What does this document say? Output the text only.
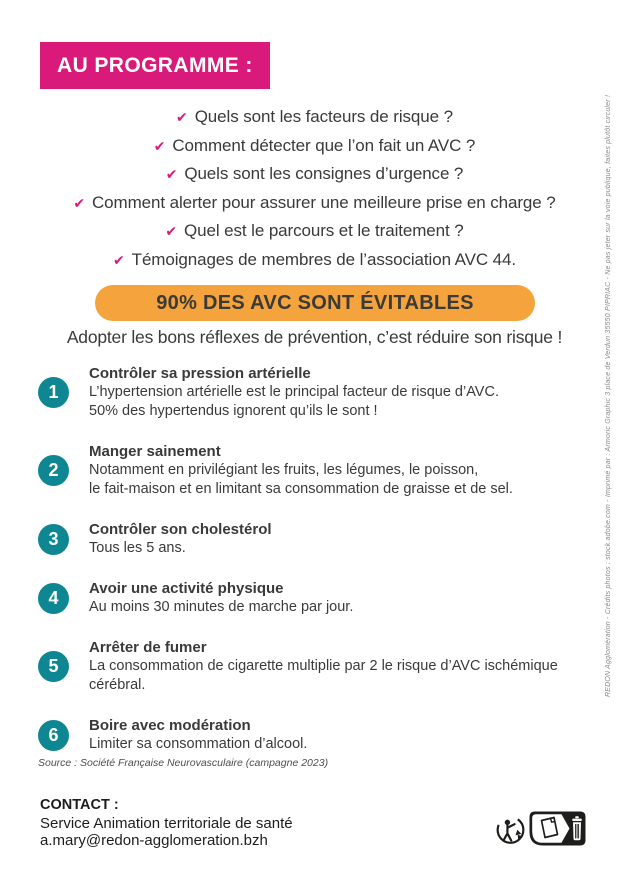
AU PROGRAMME :
✔ Quels sont les facteurs de risque ?
✔ Comment détecter que l’on fait un AVC ?
✔ Quels sont les consignes d’urgence ?
✔ Comment alerter pour assurer une meilleure prise en charge ?
✔ Quel est le parcours et le traitement ?
✔ Témoignages de membres de l’association AVC 44.
90% DES AVC SONT ÉVITABLES
Adopter les bons réflexes de prévention, c’est réduire son risque !
1
Contrôler sa pression artérielle
L’hypertension artérielle est le principal facteur de risque d’AVC.
50% des hypertendus ignorent qu’ils le sont !
2
Manger sainement
Notamment en privilégiant les fruits, les légumes, le poisson,
le fait-maison et en limitant sa consommation de graisse et de sel.
3	Contrôler son cholestérol
Tous les 5 ans.
4	Avoir une activité physique
Au moins 30 minutes de marche par jour.
5
Arrêter de fumer
La consommation de cigarette multiplie par 2 le risque d’AVC ischémique
cérébral.
6	Boire avec modération
Limiter sa consommation d’alcool.
Source : Société Française Neurovasculaire (campagne 2023)
CONTACT :
Service Animation territoriale de santé
a.mary@redon-agglomeration.bzh
REDON Agglomération - Crédits photos : stock.adobe.com - Imprimé par : Armoric Graphic 3 place de Verdun 35550 PIPRIAC - Ne pas jeter sur la voie publique, faites plutôt circuler !
